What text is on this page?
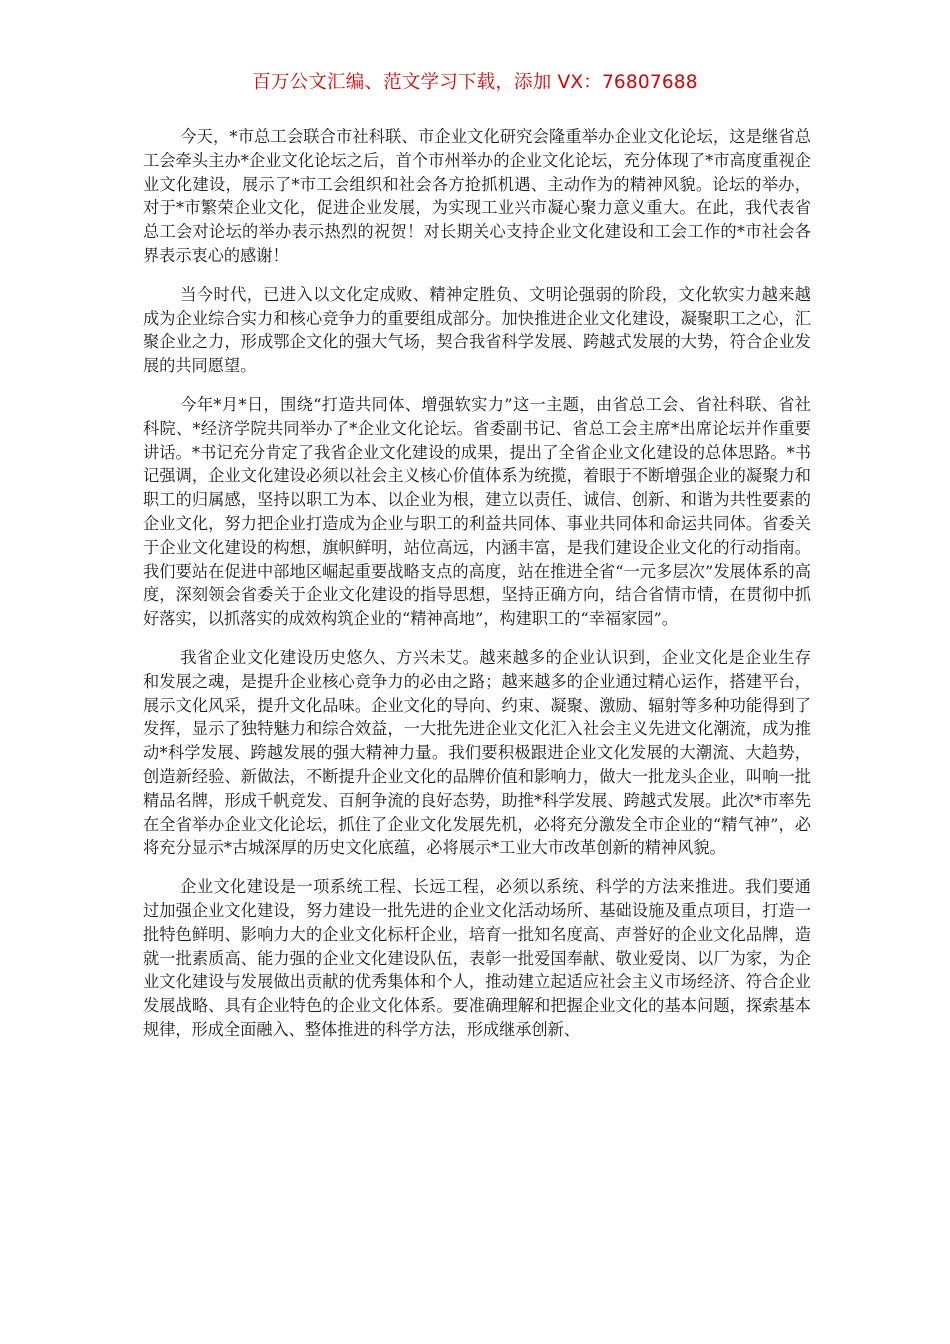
百万公文汇编、范文学习下载，添加 VX：76807688

今天，*市总工会联合市社科联、市企业文化研究会隆重举办企业文化论坛，这是继省总工会牵头主办*企业文化论坛之后，首个市州举办的企业文化论坛，充分体现了*市高度重视企业文化建设，展示了*市工会组织和社会各方抢抓机遇、主动作为的精神风貌。论坛的举办，对于*市繁荣企业文化，促进企业发展，为实现工业兴市凝心聚力意义重大。在此，我代表省总工会对论坛的举办表示热烈的祝贺！对长期关心支持企业文化建设和工会工作的*市社会各界表示衷心的感谢！

当今时代，已进入以文化定成败、精神定胜负、文明论强弱的阶段，文化软实力越来越成为企业综合实力和核心竞争力的重要组成部分。加快推进企业文化建设，凝聚职工之心，汇聚企业之力，形成鄂企文化的强大气场，契合我省科学发展、跨越式发展的大势，符合企业发展的共同愿望。

今年*月*日，围绕“打造共同体、增强软实力”这一主题，由省总工会、省社科联、省社科院、*经济学院共同举办了*企业文化论坛。省委副书记、省总工会主席*出席论坛并作重要讲话。*书记充分肯定了我省企业文化建设的成果，提出了全省企业文化建设的总体思路。*书记强调，企业文化建设必须以社会主义核心价值体系为统揽，着眼于不断增强企业的凝聚力和职工的归属感，坚持以职工为本、以企业为根，建立以责任、诚信、创新、和谐为共性要素的企业文化，努力把企业打造成为企业与职工的利益共同体、事业共同体和命运共同体。省委关于企业文化建设的构想，旗帜鲜明，站位高远，内涵丰富，是我们建设企业文化的行动指南。我们要站在促进中部地区崛起重要战略支点的高度，站在推进全省“一元多层次”发展体系的高度，深刻领会省委关于企业文化建设的指导思想，坚持正确方向，结合省情市情，在贯彻中抓好落实，以抓落实的成效构筑企业的“精神高地”，构建职工的“幸福家园”。

我省企业文化建设历史悠久、方兴未艾。越来越多的企业认识到，企业文化是企业生存和发展之魂，是提升企业核心竞争力的必由之路；越来越多的企业通过精心运作，搭建平台，展示文化风采，提升文化品味。企业文化的导向、约束、凝聚、激励、辐射等多种功能得到了发挥，显示了独特魅力和综合效益，一大批先进企业文化汇入社会主义先进文化潮流，成为推动*科学发展、跨越发展的强大精神力量。我们要积极跟进企业文化发展的大潮流、大趋势，创造新经验、新做法，不断提升企业文化的品牌价值和影响力，做大一批龙头企业，叫响一批精品名牌，形成千帆竞发、百舸争流的良好态势，助推*科学发展、跨越式发展。此次*市率先在全省举办企业文化论坛，抓住了企业文化发展先机，必将充分激发全市企业的“精气神”，必将充分显示*古城深厚的历史文化底蕴，必将展示*工业大市改革创新的精神风貌。

企业文化建设是一项系统工程、长远工程，必须以系统、科学的方法来推进。我们要通过加强企业文化建设，努力建设一批先进的企业文化活动场所、基础设施及重点项目，打造一批特色鲜明、影响力大的企业文化标杆企业，培育一批知名度高、声誉好的企业文化品牌，造就一批素质高、能力强的企业文化建设队伍，表彰一批爱国奉献、敬业爱岗、以厂为家，为企业文化建设与发展做出贡献的优秀集体和个人，推动建立起适应社会主义市场经济、符合企业发展战略、具有企业特色的企业文化体系。要准确理解和把握企业文化的基本问题，探索基本规律，形成全面融入、整体推进的科学方法，形成继承创新、
